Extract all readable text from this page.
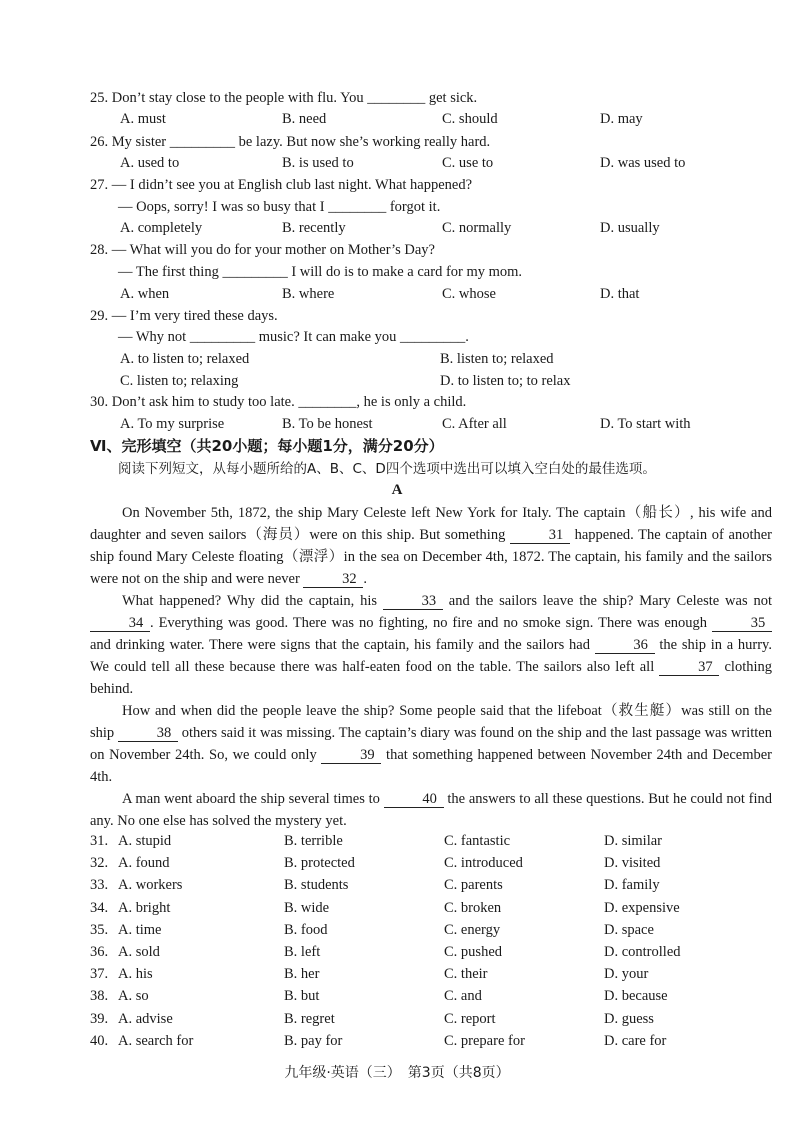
25. Don’t stay close to the people with flu. You ________ get sick.
A. must	B. need	C. should	D. may
26. My sister _________ be lazy. But now she’s working really hard.
A. used to	B. is used to	C. use to	D. was used to
27. — I didn’t see you at English club last night. What happened?
— Oops, sorry! I was so busy that I ________ forgot it.
A. completely	B. recently	C. normally	D. usually
28. — What will you do for your mother on Mother’s Day?
— The first thing _________ I will do is to make a card for my mom.
A. when	B. where	C. whose	D. that
29. — I’m very tired these days.
— Why not _________ music? It can make you _________.
A. to listen to; relaxed	B. listen to; relaxed
C. listen to; relaxing	D. to listen to; to relax
30. Don’t ask him to study too late. ________, he is only a child.
A. To my surprise	B. To be honest	C. After all	D. To start with
Ⅵ、完形填空（共20小题；每小题1分，满分20分）
阅读下列短文，从每小题所给的A、B、C、D四个选项中选出可以填入空白处的最佳选项。
A
On November 5th, 1872, the ship Mary Celeste left New York for Italy. The captain（船长）, his wife and daughter and seven sailors（海员）were on this ship. But something	31 happened. The captain of another ship found Mary Celeste floating（漂浮）in the sea on December 4th, 1872. The captain, his family and the sailors were not on the ship and were never	32 .
What happened? Why did the captain, his	33 and the sailors leave the ship? Mary Celeste was not 34 . Everything was good. There was no fighting, no fire and no smoke sign. There was enough	35 and drinking water. There were signs that the captain, his family and the sailors had	36 the ship in a hurry. We could tell all these because there was half-eaten food on the table. The sailors also left all	37 clothing behind.
How and when did the people leave the ship? Some people said that the lifeboat（救生艇）was still on the ship	38 others said it was missing. The captain’s diary was found on the ship and the last passage was written on November 24th. So, we could only	39 that something happened between November 24th and December 4th.
A man went aboard the ship several times to	40 the answers to all these questions. But he could not find any. No one else has solved the mystery yet.
31. A. stupid	B. terrible	C. fantastic	D. similar
32. A. found	B. protected	C. introduced	D. visited
33. A. workers	B. students	C. parents	D. family
34. A. bright	B. wide	C. broken	D. expensive
35. A. time	B. food	C. energy	D. space
36. A. sold	B. left	C. pushed	D. controlled
37. A. his	B. her	C. their	D. your
38. A. so	B. but	C. and	D. because
39. A. advise	B. regret	C. report	D. guess
40. A. search for	B. pay for	C. prepare for	D. care for
九年级·英语（三）　第3页（共8页）
